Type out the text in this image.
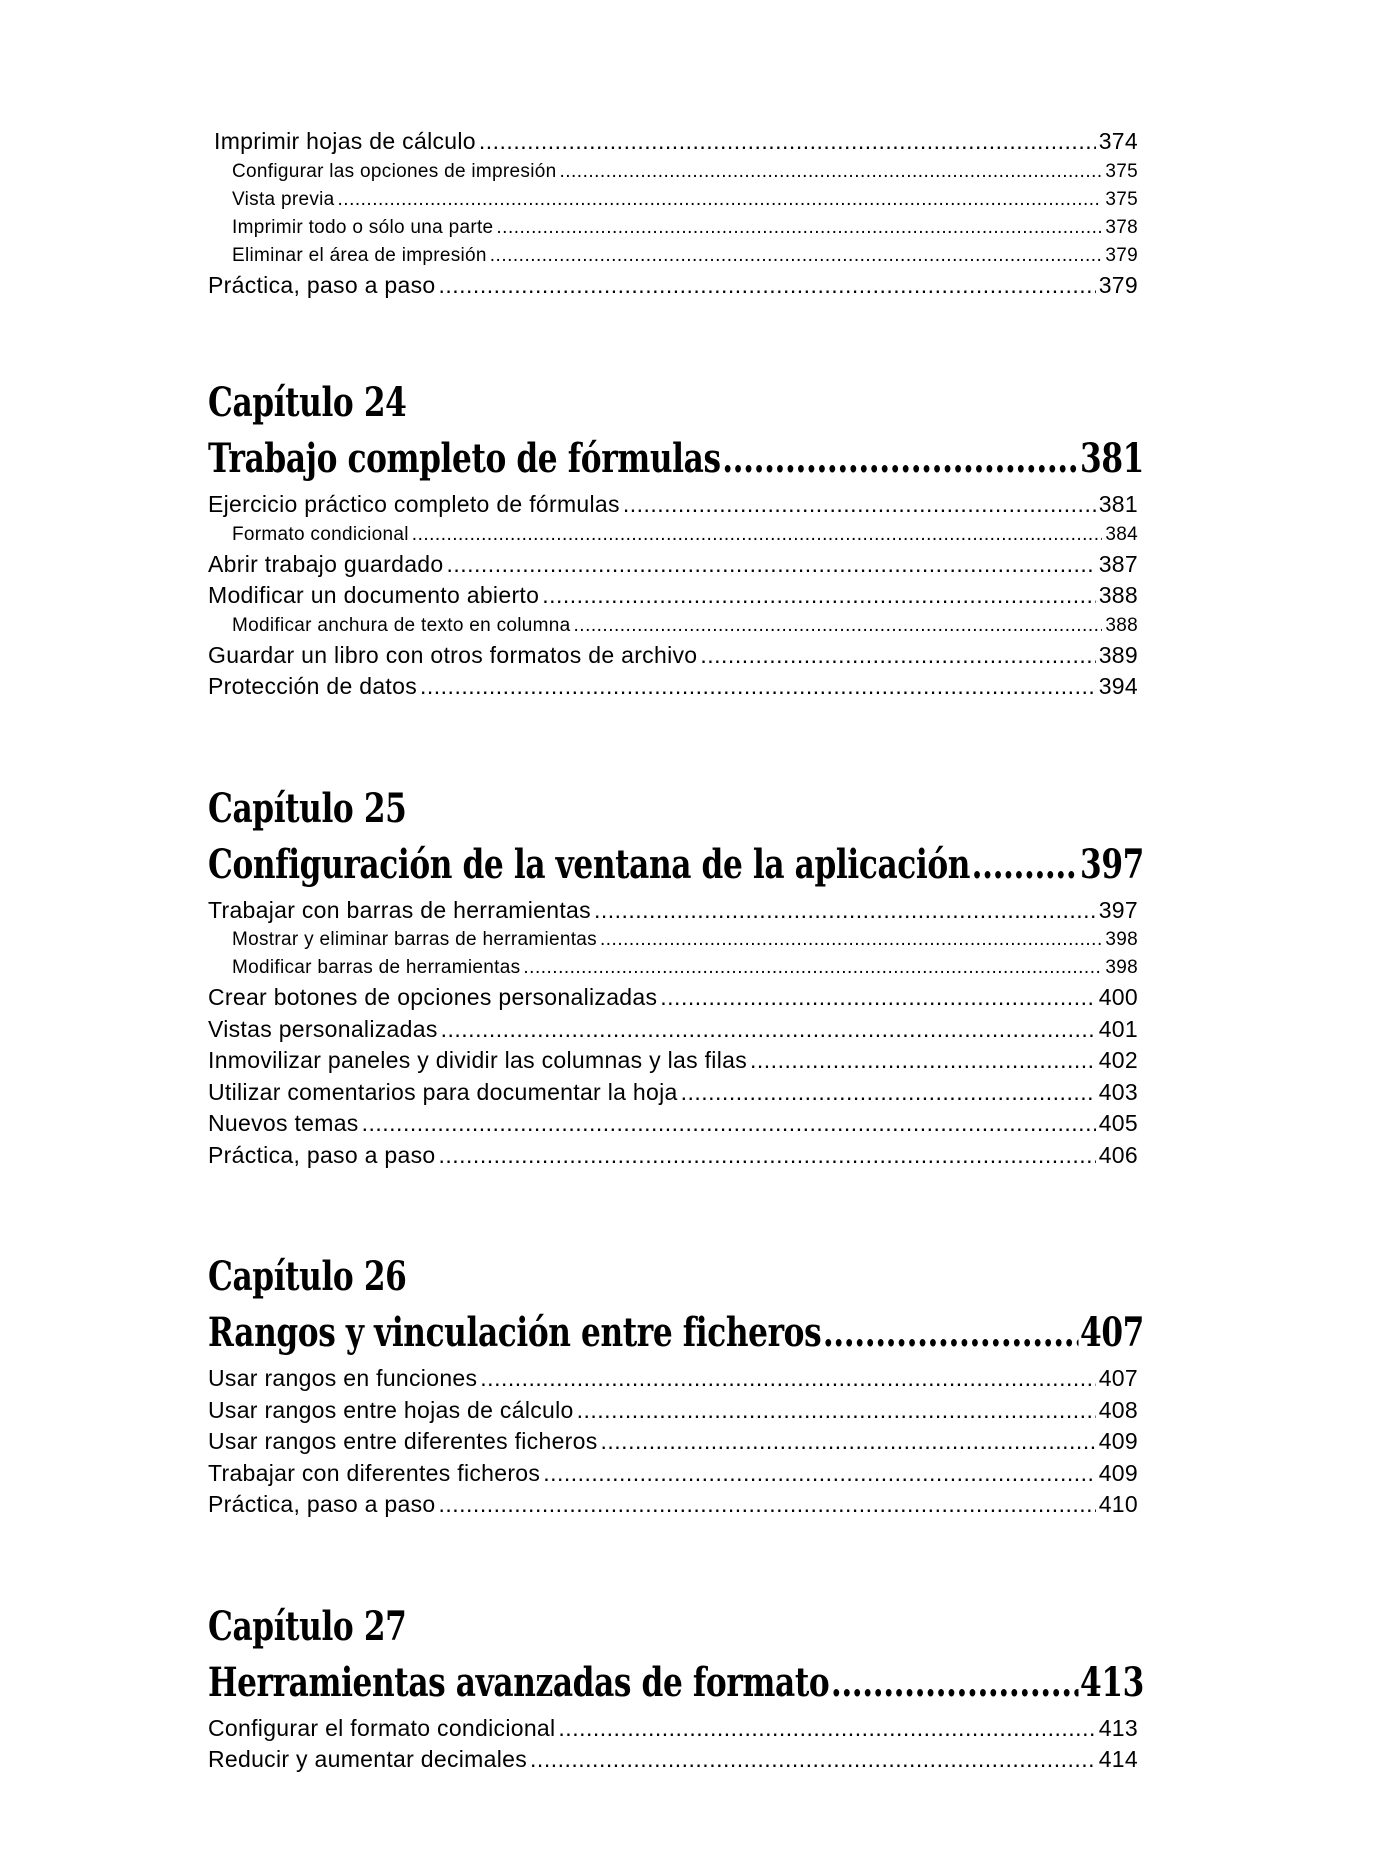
Imprimir hojas de cálculo .....	374
Configurar las opciones de impresión .....	375
Vista previa .....	375
Imprimir todo o sólo una parte .....	378
Eliminar el área de impresión .....	379
Práctica, paso a paso .....	379
Capítulo 24
Trabajo completo de fórmulas .....	381
Ejercicio práctico completo de fórmulas .....	381
Formato condicional .....	384
Abrir trabajo guardado .....	387
Modificar un documento abierto .....	388
Modificar anchura de texto en columna .....	388
Guardar un libro con otros formatos de archivo .....	389
Protección de datos .....	394
Capítulo 25
Configuración de la ventana de la aplicación .....	397
Trabajar con barras de herramientas .....	397
Mostrar y eliminar barras de herramientas .....	398
Modificar barras de herramientas .....	398
Crear botones de opciones personalizadas .....	400
Vistas personalizadas .....	401
Inmovilizar paneles y dividir las columnas y las filas .....	402
Utilizar comentarios para documentar la hoja .....	403
Nuevos temas .....	405
Práctica, paso a paso .....	406
Capítulo 26
Rangos y vinculación entre ficheros .....	407
Usar rangos en funciones .....	407
Usar rangos entre hojas de cálculo .....	408
Usar rangos entre diferentes ficheros .....	409
Trabajar con diferentes ficheros .....	409
Práctica, paso a paso .....	410
Capítulo 27
Herramientas avanzadas de formato .....	413
Configurar el formato condicional .....	413
Reducir y aumentar decimales .....	414
